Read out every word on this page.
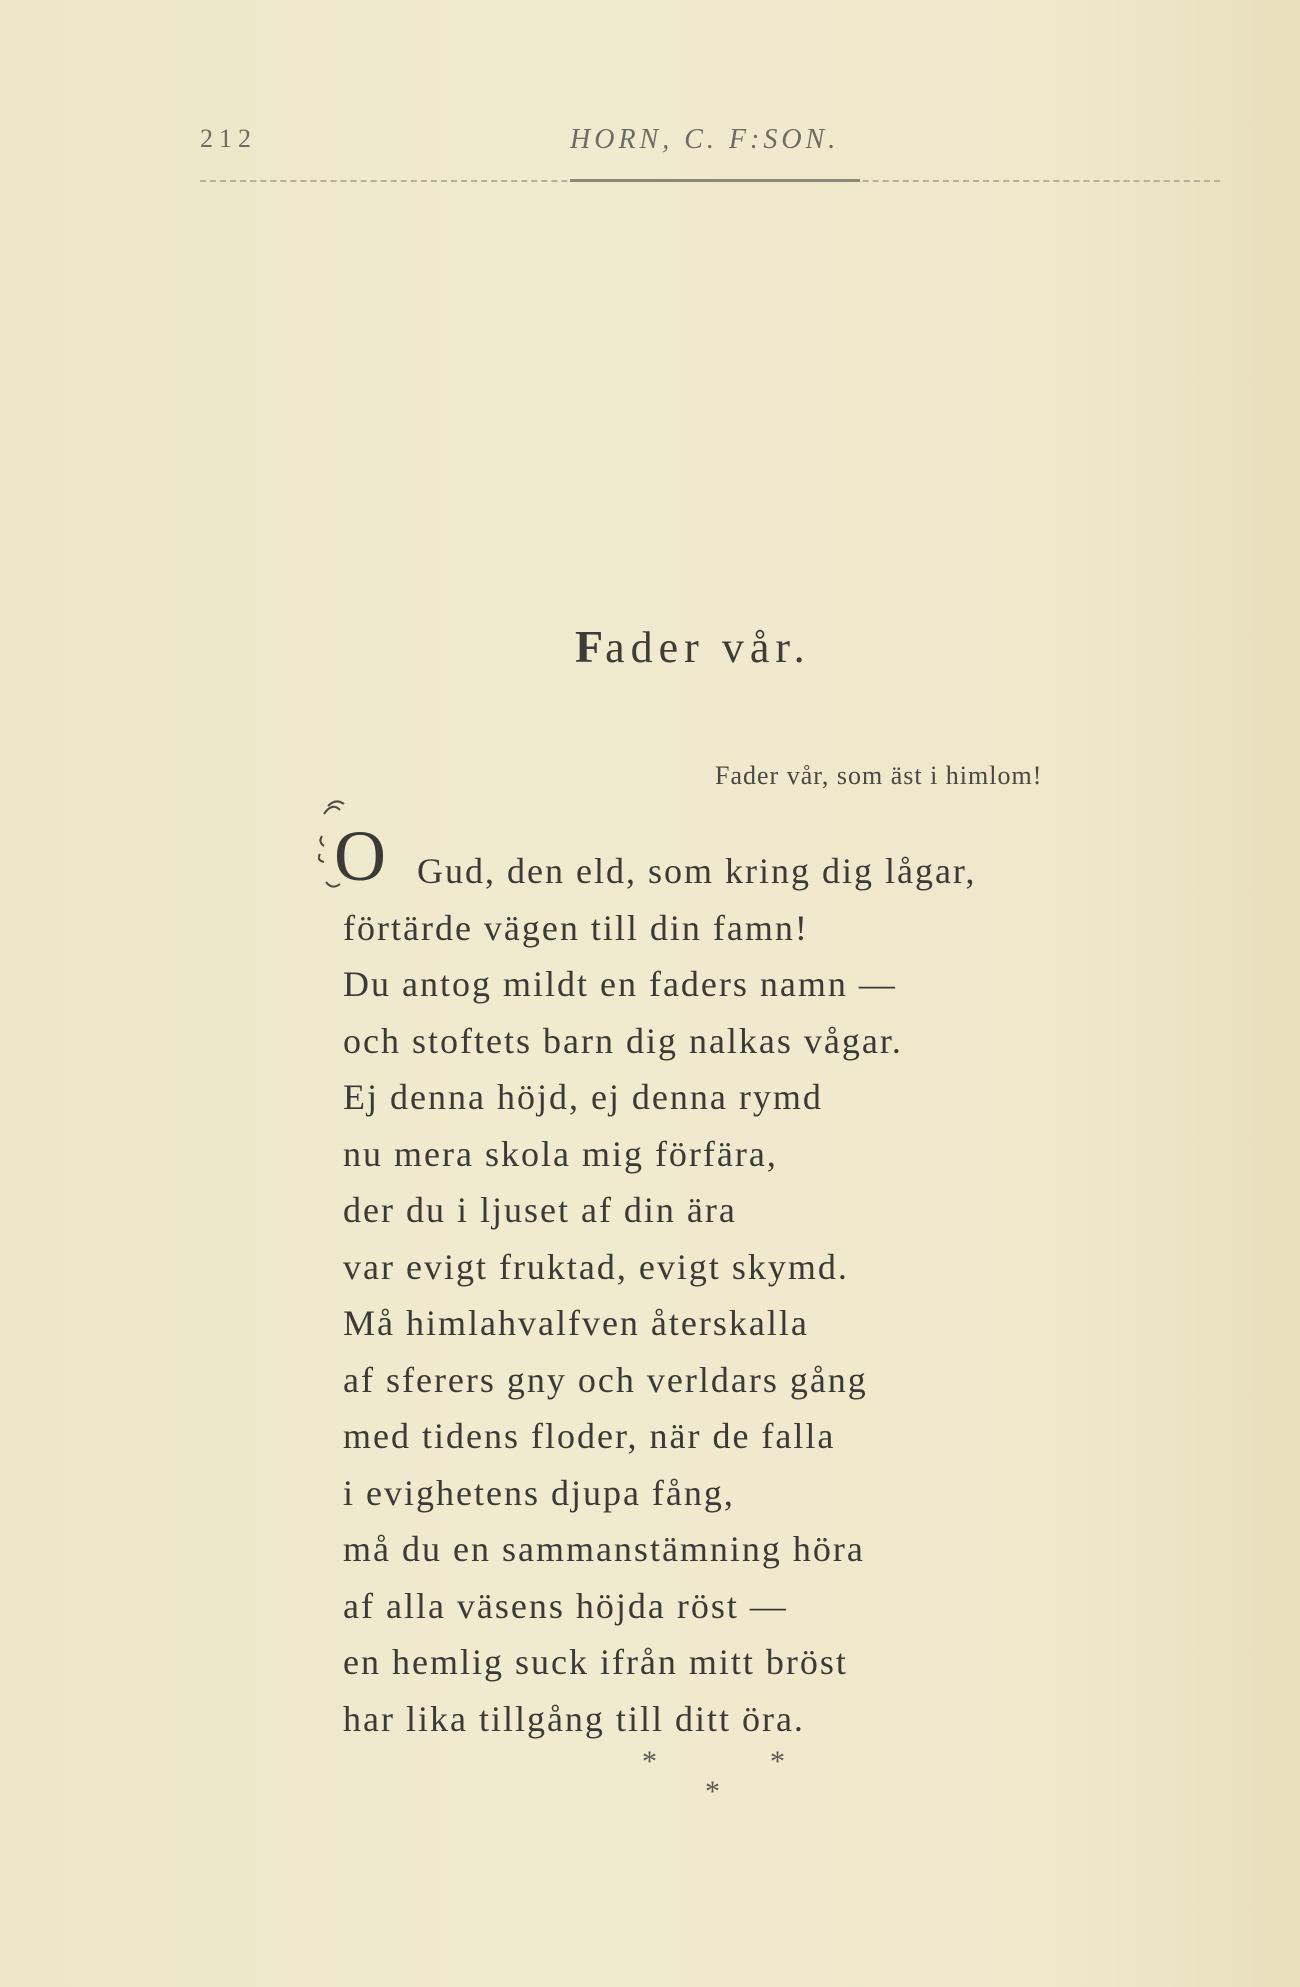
212	HORN, C. F:SON.
Fader vår.
Fader vår, som äst i himlom!
O Gud, den eld, som kring dig lågar,
förtärde vägen till din famn!
Du antog mildt en faders namn —
och stoftets barn dig nalkas vågar.
Ej denna höjd, ej denna rymd
nu mera skola mig förfära,
der du i ljuset af din ära
var evigt fruktad, evigt skymd.
Må himlahvalfven återskalla
af sferers gny och verldars gång
med tidens floder, när de falla
i evighetens djupa fång,
må du en sammanstämning höra
af alla väsens höjda röst —
en hemlig suck ifrån mitt bröst
har lika tillgång till ditt öra.
*	*
*
